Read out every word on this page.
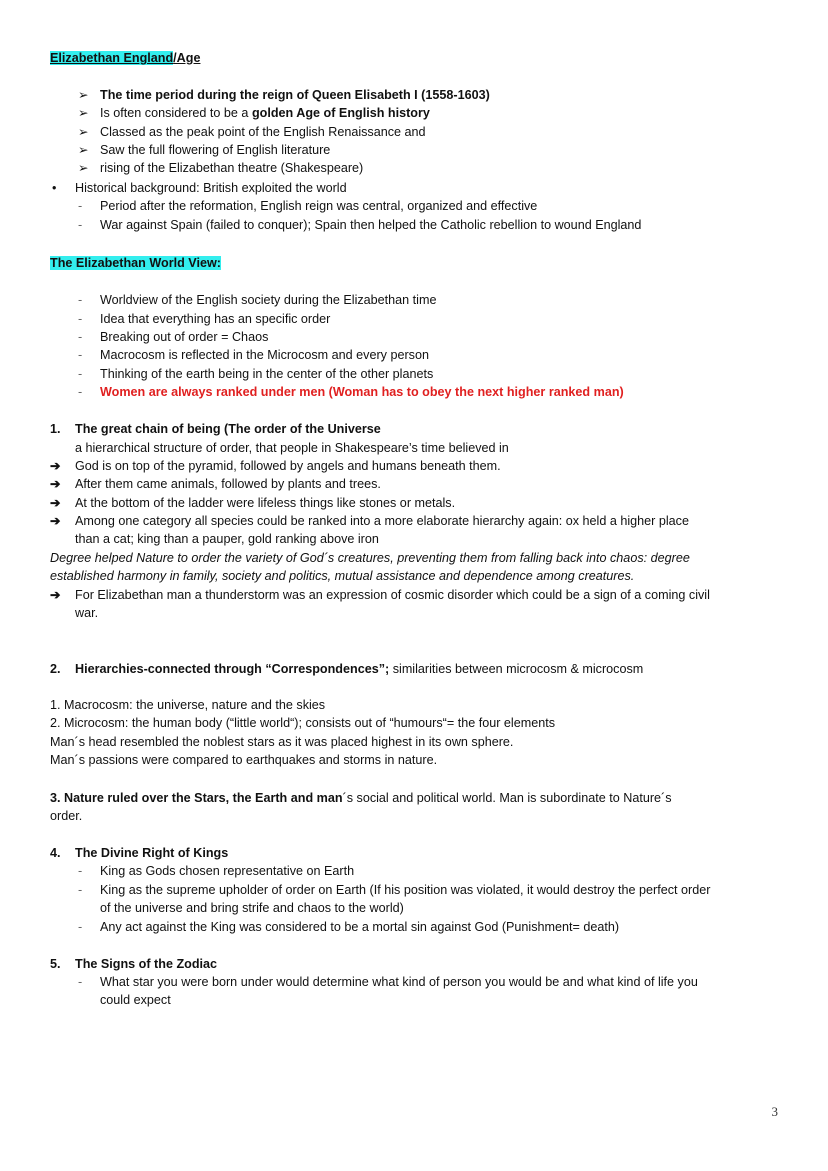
Elizabethan England/Age
➢ The time period during the reign of Queen Elisabeth I (1558-1603)
➢ Is often considered to be a golden Age of English history
➢ Classed as the peak point of the English Renaissance and
➢ Saw the full flowering of English literature
➢ rising of the Elizabethan theatre (Shakespeare)
• Historical background: British exploited the world
- Period after the reformation, English reign was central, organized and effective
- War against Spain (failed to conquer); Spain then helped the Catholic rebellion to wound England
The Elizabethan World View:
- Worldview of the English society during the Elizabethan time
- Idea that everything has an specific order
- Breaking out of order = Chaos
- Macrocosm is reflected in the Microcosm and every person
- Thinking of the earth being in the center of the other planets
- Women are always ranked under men (Woman has to obey the next higher ranked man)
1. The great chain of being (The order of the Universe
a hierarchical structure of order, that people in Shakespeare’s time believed in
➔ God is on top of the pyramid, followed by angels and humans beneath them.
➔ After them came animals, followed by plants and trees.
➔ At the bottom of the ladder were lifeless things like stones or metals.
➔ Among one category all species could be ranked into a more elaborate hierarchy again: ox held a higher place
than a cat; king than a pauper, gold ranking above iron
Degree helped Nature to order the variety of God´s creatures, preventing them from falling back into chaos: degree
established harmony in family, society and politics, mutual assistance and dependence among creatures.
➔ For Elizabethan man a thunderstorm was an expression of cosmic disorder which could be a sign of a coming civil
war.
2. Hierarchies-connected through “Correspondences”; similarities between microcosm & microcosm
1. Macrocosm: the universe, nature and the skies
2. Microcosm: the human body (“little world“); consists out of “humours“= the four elements
Man´s head resembled the noblest stars as it was placed highest in its own sphere.
Man´s passions were compared to earthquakes and storms in nature.
3. Nature ruled over the Stars, the Earth and man´s social and political world. Man is subordinate to Nature´s
order.
4. The Divine Right of Kings
- King as Gods chosen representative on Earth
- King as the supreme upholder of order on Earth (If his position was violated, it would destroy the perfect order
of the universe and bring strife and chaos to the world)
- Any act against the King was considered to be a mortal sin against God (Punishment= death)
5. The Signs of the Zodiac
- What star you were born under would determine what kind of person you would be and what kind of life you
could expect
3
